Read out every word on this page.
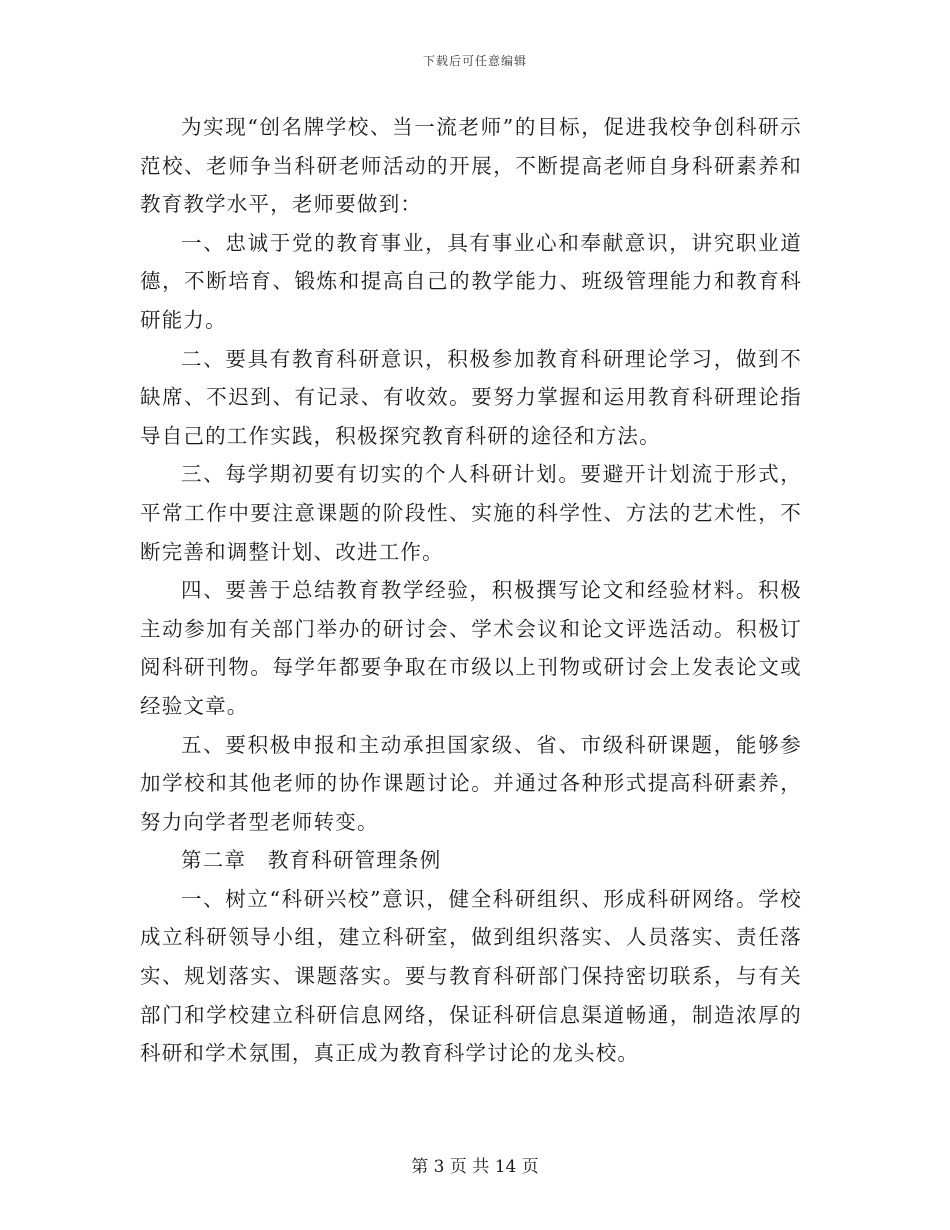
下载后可任意编辑

为实现“创名牌学校、当一流老师”的目标，促进我校争创科研示范校、老师争当科研老师活动的开展，不断提高老师自身科研素养和教育教学水平，老师要做到：

一、忠诚于党的教育事业，具有事业心和奉献意识，讲究职业道德，不断培育、锻炼和提高自己的教学能力、班级管理能力和教育科研能力。

二、要具有教育科研意识，积极参加教育科研理论学习，做到不缺席、不迟到、有记录、有收效。要努力掌握和运用教育科研理论指导自己的工作实践，积极探究教育科研的途径和方法。

三、每学期初要有切实的个人科研计划。要避开计划流于形式，平常工作中要注意课题的阶段性、实施的科学性、方法的艺术性，不断完善和调整计划、改进工作。

四、要善于总结教育教学经验，积极撰写论文和经验材料。积极主动参加有关部门举办的研讨会、学术会议和论文评选活动。积极订阅科研刊物。每学年都要争取在市级以上刊物或研讨会上发表论文或经验文章。

五、要积极申报和主动承担国家级、省、市级科研课题，能够参加学校和其他老师的协作课题讨论。并通过各种形式提高科研素养，努力向学者型老师转变。

第二章　教育科研管理条例

一、树立“科研兴校”意识，健全科研组织、形成科研网络。学校成立科研领导小组，建立科研室，做到组织落实、人员落实、责任落实、规划落实、课题落实。要与教育科研部门保持密切联系，与有关部门和学校建立科研信息网络，保证科研信息渠道畅通，制造浓厚的科研和学术氛围，真正成为教育科学讨论的龙头校。

第 3 页 共 14 页
